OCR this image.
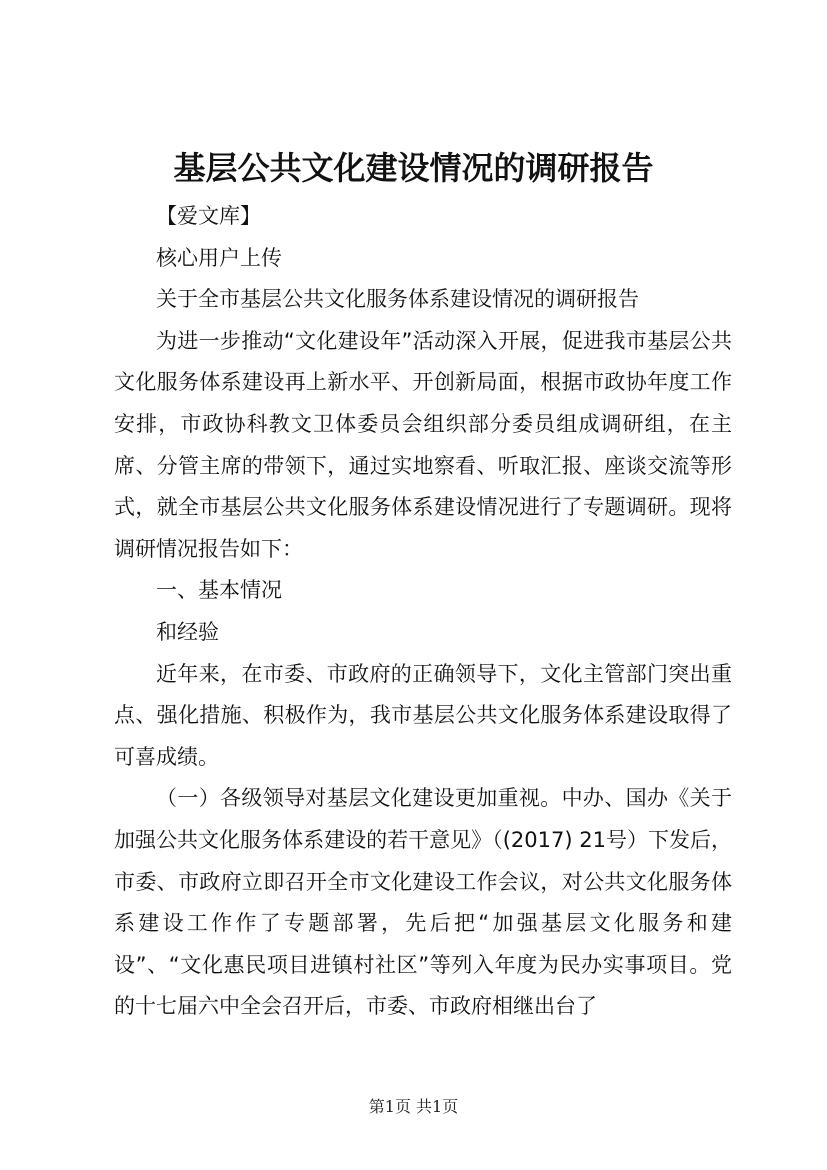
基层公共文化建设情况的调研报告

【爱文库】

核心用户上传

关于全市基层公共文化服务体系建设情况的调研报告

为进一步推动“文化建设年”活动深入开展，促进我市基层公共文化服务体系建设再上新水平、开创新局面，根据市政协年度工作安排，市政协科教文卫体委员会组织部分委员组成调研组，在主席、分管主席的带领下，通过实地察看、听取汇报、座谈交流等形式，就全市基层公共文化服务体系建设情况进行了专题调研。现将调研情况报告如下：

一、基本情况

和经验

近年来，在市委、市政府的正确领导下，文化主管部门突出重点、强化措施、积极作为，我市基层公共文化服务体系建设取得了可喜成绩。

（一）各级领导对基层文化建设更加重视。中办、国办《关于加强公共文化服务体系建设的若干意见》（(2017) 21号）下发后，市委、市政府立即召开全市文化建设工作会议，对公共文化服务体系建设工作作了专题部署，先后把“加强基层文化服务和建设”、“文化惠民项目进镇村社区”等列入年度为民办实事项目。党的十七届六中全会召开后，市委、市政府相继出台了

第1页 共1页
